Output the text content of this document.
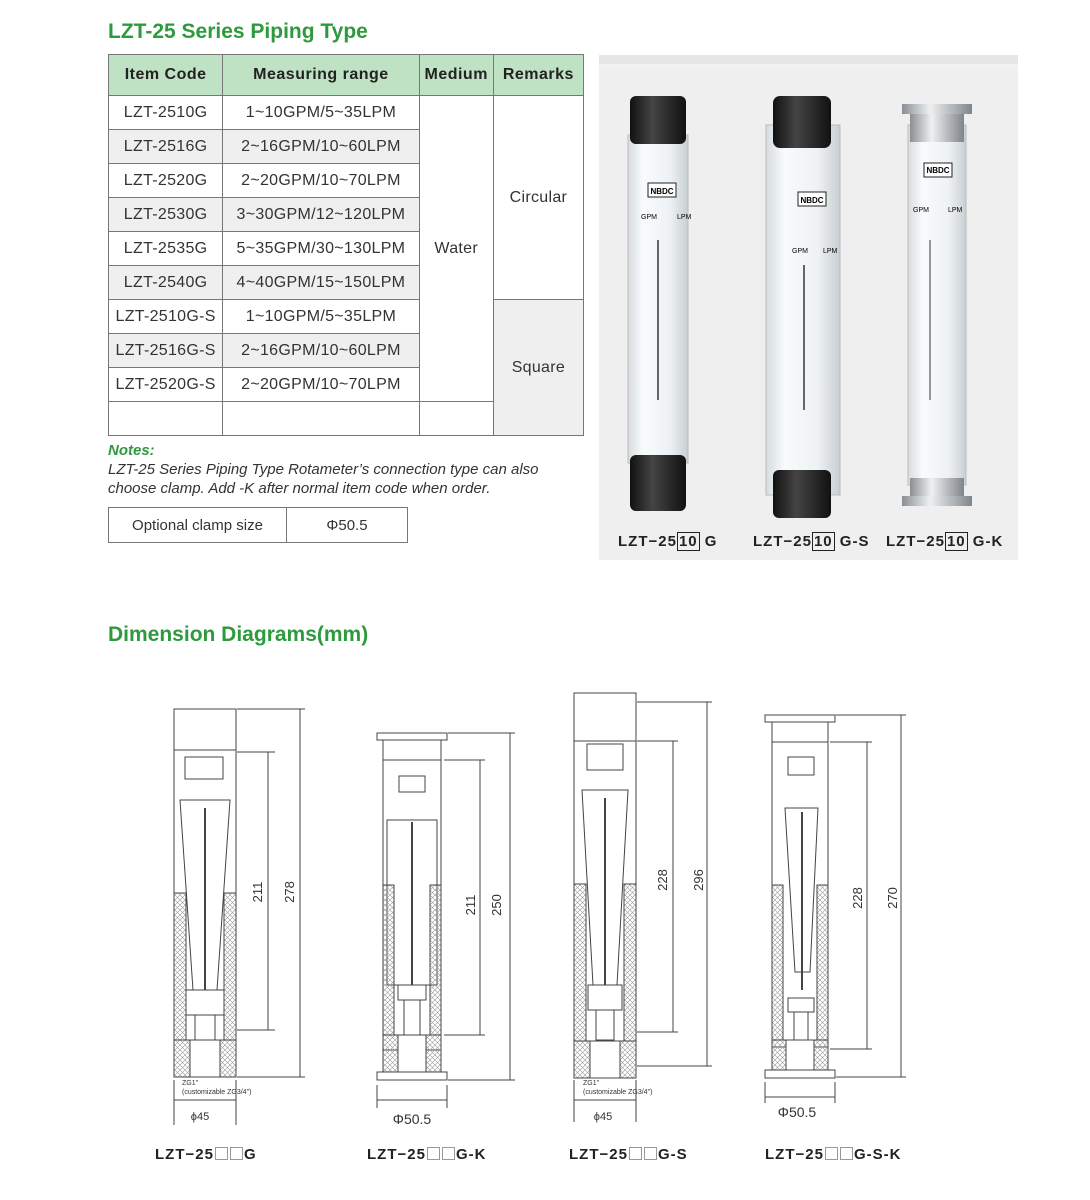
LZT-25 Series Piping Type
Item Code	Measuring range	Medium	Remarks
LZT-2510G	1~10GPM/5~35LPM	Water	Circular
LZT-2516G	2~16GPM/10~60LPM		
LZT-2520G	2~20GPM/10~70LPM		
LZT-2530G	3~30GPM/12~120LPM		
LZT-2535G	5~35GPM/30~130LPM		
LZT-2540G	4~40GPM/15~150LPM		
LZT-2510G-S	1~10GPM/5~35LPM		Square
LZT-2516G-S	2~16GPM/10~60LPM		
LZT-2520G-S	2~20GPM/10~70LPM		

Notes:
LZT-25 Series Piping Type Rotameter’s connection type can also choose clamp. Add -K after normal item code when order.
Optional clamp size	Φ50.5
NBDC
GPM	LPM
NBDC
GPM LPM
NBDC
GPM	LPM
211 278
ZG1"
(customizable ZG3/4")
ϕ45
211 250
Φ50.5
228 296
ZG1"
(customizable ZG3/4")
ϕ45
228 270
Φ50.5
LZT−25 10 G LZT−25 10 G-S LZT−25 10 G-K
Dimension Diagrams(mm)
LZT−25 G	LZT−25 G-K	LZT−25 G-S	LZT−25 G-S-K
